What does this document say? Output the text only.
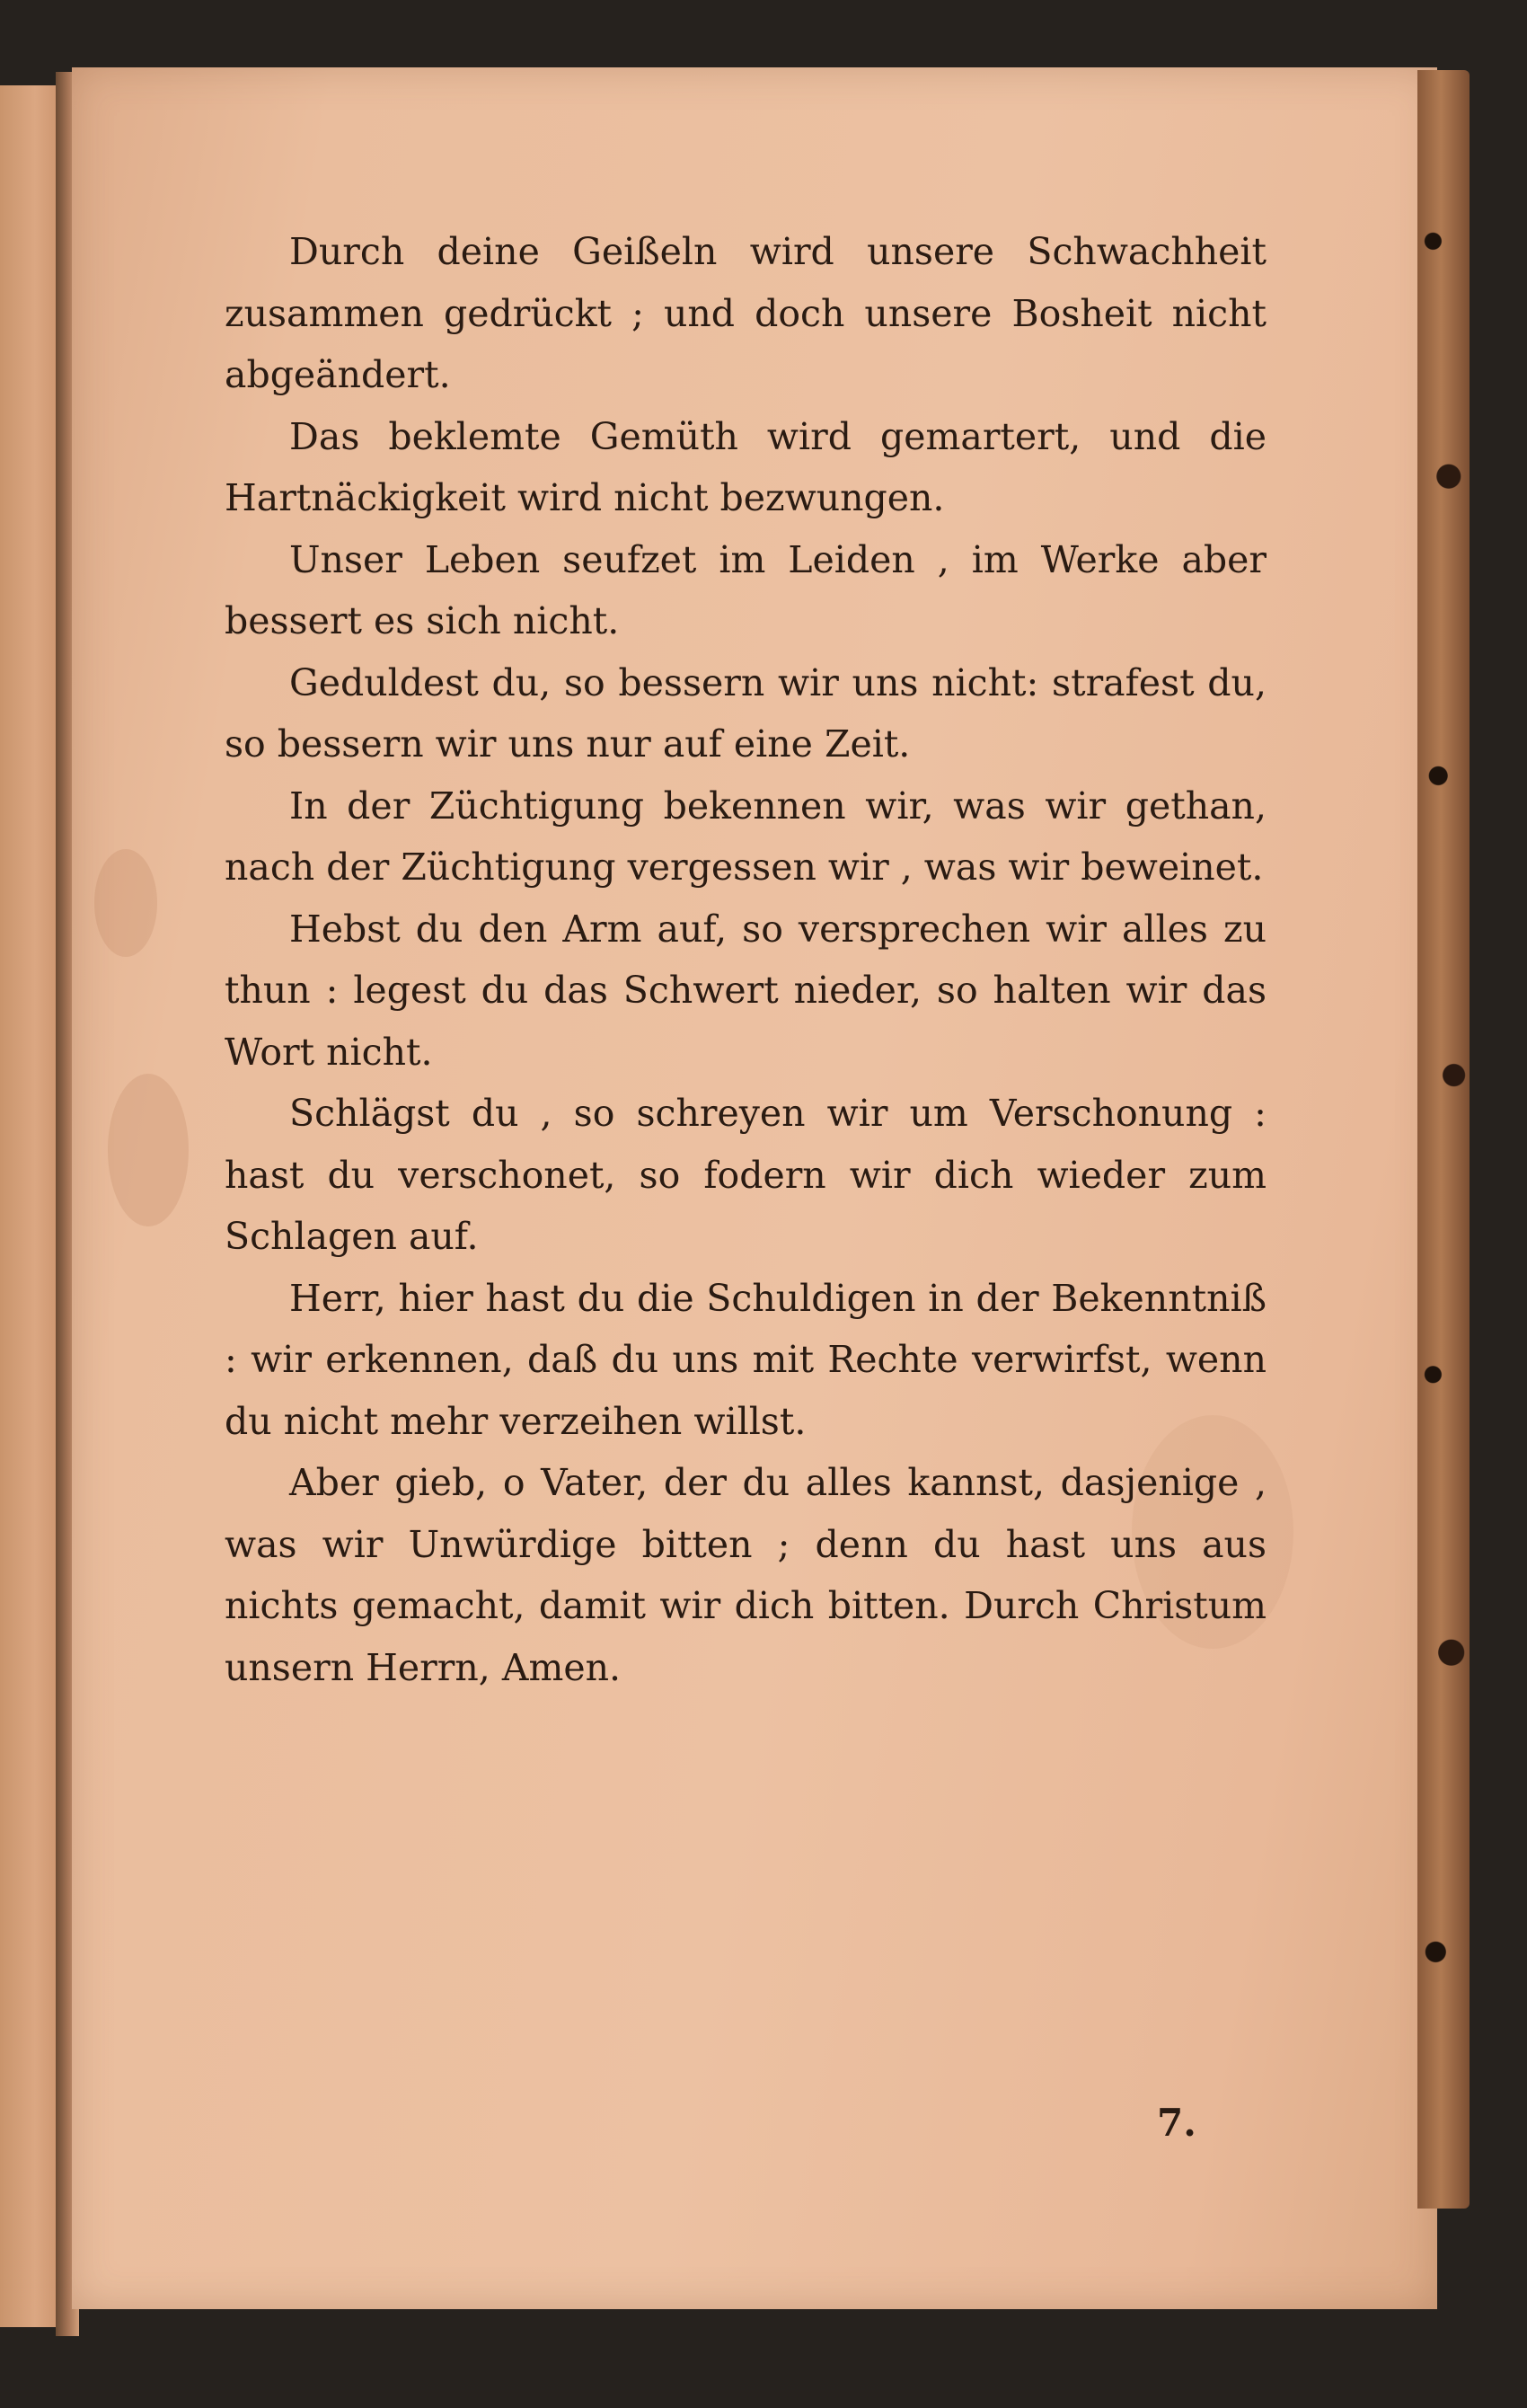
Durch deine Geißeln wird unsere Schwachheit zusammen gedrückt ; und doch unsere Bosheit nicht abgeändert.

Das beklemte Gemüth wird gemartert, und die Hartnäckigkeit wird nicht bezwungen.

Unser Leben seufzet im Leiden , im Werke aber bessert es sich nicht.

Geduldest du, so bessern wir uns nicht: strafest du, so bessern wir uns nur auf eine Zeit.

In der Züchtigung bekennen wir, was wir gethan, nach der Züchtigung vergessen wir , was wir beweinet.

Hebst du den Arm auf, so versprechen wir alles zu thun : legest du das Schwert nieder, so halten wir das Wort nicht.

Schlägst du , so schreyen wir um Verschonung : hast du verschonet, so fodern wir dich wieder zum Schlagen auf.

Herr, hier hast du die Schuldigen in der Bekenntniß : wir erkennen, daß du uns mit Rechte verwirfst, wenn du nicht mehr verzeihen willst.

Aber gieb, o Vater, der du alles kannst, dasjenige , was wir Unwürdige bitten ; denn du hast uns aus nichts gemacht, damit wir dich bitten. Durch Christum unsern Herrn, Amen.

7.
